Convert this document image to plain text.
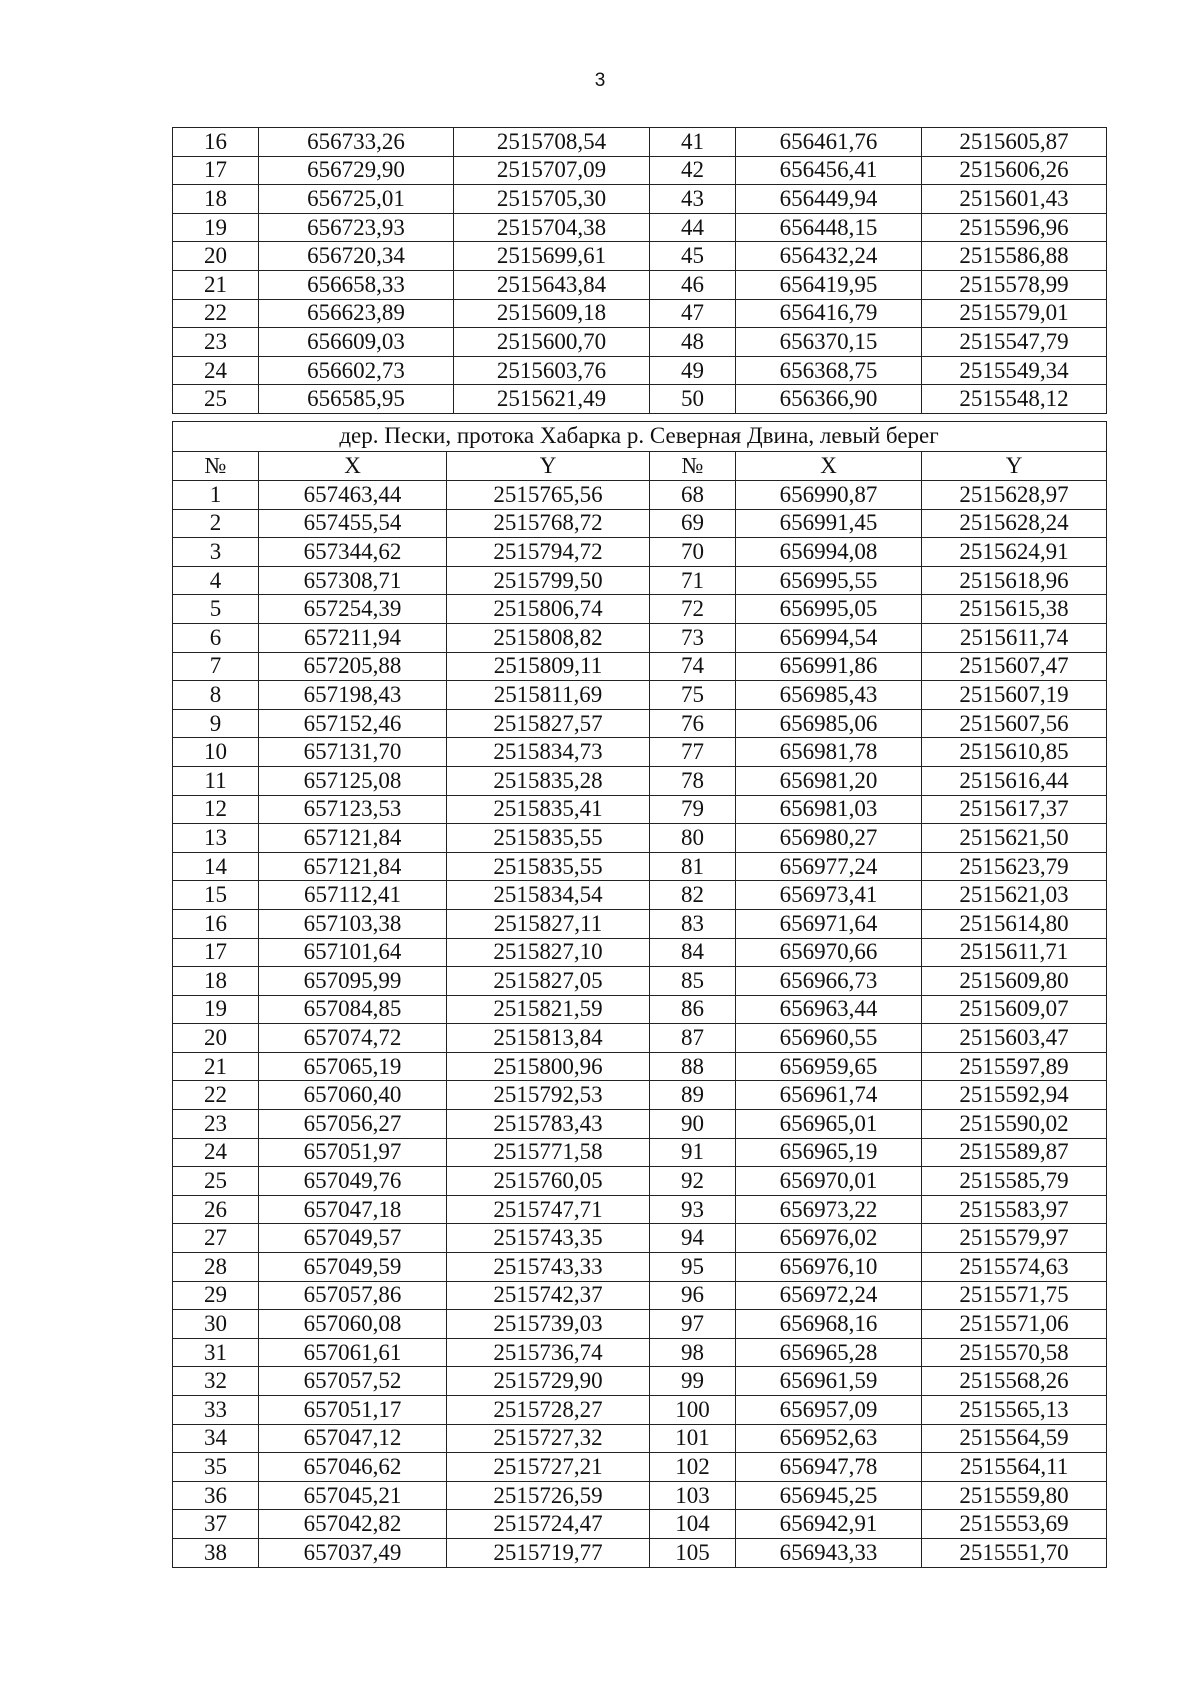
3
16	656733,26	2515708,54	41	656461,76	2515605,87
17	656729,90	2515707,09	42	656456,41	2515606,26
18	656725,01	2515705,30	43	656449,94	2515601,43
19	656723,93	2515704,38	44	656448,15	2515596,96
20	656720,34	2515699,61	45	656432,24	2515586,88
21	656658,33	2515643,84	46	656419,95	2515578,99
22	656623,89	2515609,18	47	656416,79	2515579,01
23	656609,03	2515600,70	48	656370,15	2515547,79
24	656602,73	2515603,76	49	656368,75	2515549,34
25	656585,95	2515621,49	50	656366,90	2515548,12
дер. Пески, протока Хабарка р. Северная Двина, левый берег

№	X	Y	№	X	Y
1	657463,44	2515765,56	68	656990,87	2515628,97
2	657455,54	2515768,72	69	656991,45	2515628,24
3	657344,62	2515794,72	70	656994,08	2515624,91
4	657308,71	2515799,50	71	656995,55	2515618,96
5	657254,39	2515806,74	72	656995,05	2515615,38
6	657211,94	2515808,82	73	656994,54	2515611,74
7	657205,88	2515809,11	74	656991,86	2515607,47
8	657198,43	2515811,69	75	656985,43	2515607,19
9	657152,46	2515827,57	76	656985,06	2515607,56
10	657131,70	2515834,73	77	656981,78	2515610,85
11	657125,08	2515835,28	78	656981,20	2515616,44
12	657123,53	2515835,41	79	656981,03	2515617,37
13	657121,84	2515835,55	80	656980,27	2515621,50
14	657121,84	2515835,55	81	656977,24	2515623,79
15	657112,41	2515834,54	82	656973,41	2515621,03
16	657103,38	2515827,11	83	656971,64	2515614,80
17	657101,64	2515827,10	84	656970,66	2515611,71
18	657095,99	2515827,05	85	656966,73	2515609,80
19	657084,85	2515821,59	86	656963,44	2515609,07
20	657074,72	2515813,84	87	656960,55	2515603,47
21	657065,19	2515800,96	88	656959,65	2515597,89
22	657060,40	2515792,53	89	656961,74	2515592,94
23	657056,27	2515783,43	90	656965,01	2515590,02
24	657051,97	2515771,58	91	656965,19	2515589,87
25	657049,76	2515760,05	92	656970,01	2515585,79
26	657047,18	2515747,71	93	656973,22	2515583,97
27	657049,57	2515743,35	94	656976,02	2515579,97
28	657049,59	2515743,33	95	656976,10	2515574,63
29	657057,86	2515742,37	96	656972,24	2515571,75
30	657060,08	2515739,03	97	656968,16	2515571,06
31	657061,61	2515736,74	98	656965,28	2515570,58
32	657057,52	2515729,90	99	656961,59	2515568,26
33	657051,17	2515728,27	100	656957,09	2515565,13
34	657047,12	2515727,32	101	656952,63	2515564,59
35	657046,62	2515727,21	102	656947,78	2515564,11
36	657045,21	2515726,59	103	656945,25	2515559,80
37	657042,82	2515724,47	104	656942,91	2515553,69
38	657037,49	2515719,77	105	656943,33	2515551,70
